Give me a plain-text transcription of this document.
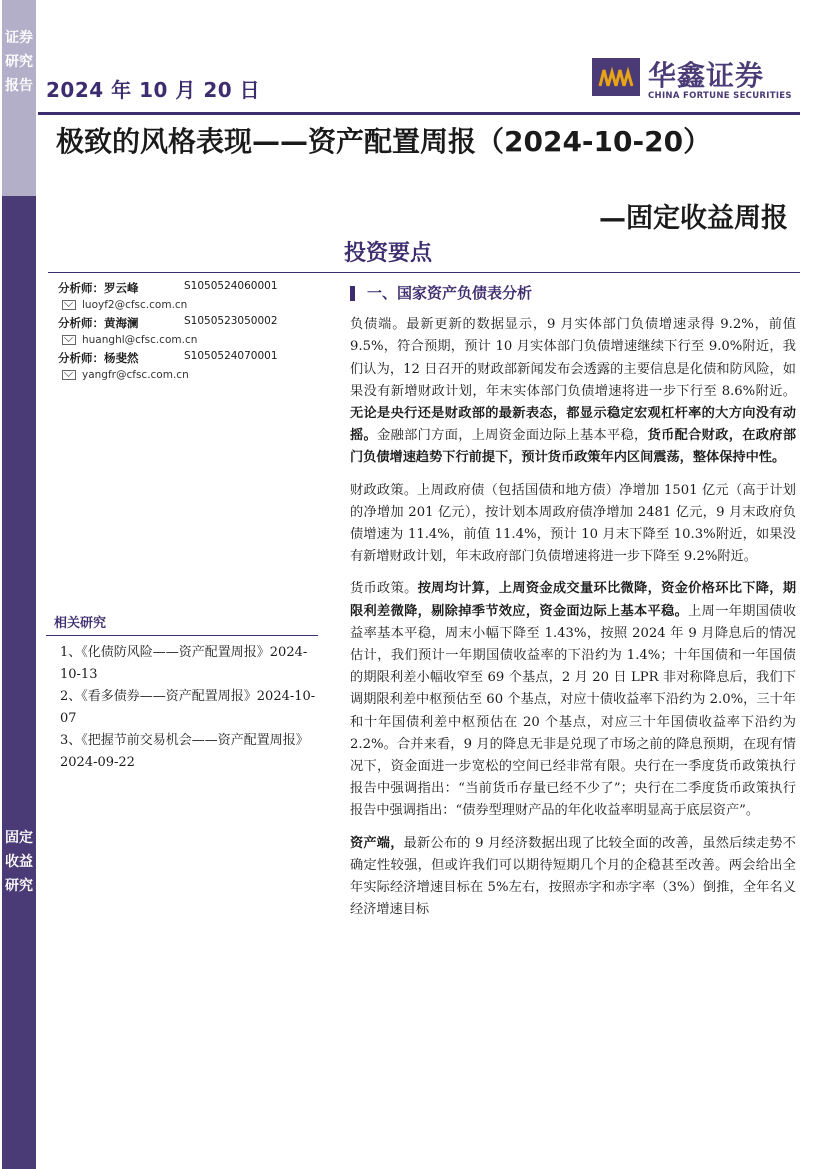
证券研究报告
固定收益研究
2024 年 10 月 20 日	华鑫证券
CHINA FORTUNE SECURITIES
极致的风格表现——资产配置周报（2024-10-20）
—固定收益周报
投资要点
分析师：罗云峰	S1050524060001
luoyf2@cfsc.com.cn
分析师：黄海澜	S1050523050002
huanghl@cfsc.com.cn
分析师：杨斐然	S1050524070001
yangfr@cfsc.com.cn
相关研究
1、《化债防风险——资产配置周报》2024-10-13
2、《看多债券——资产配置周报》2024-10-07
3、《把握节前交易机会——资产配置周报》2024-09-22
一、国家资产负债表分析

负债端。最新更新的数据显示，9 月实体部门负债增速录得 9.2%，前值 9.5%，符合预期，预计 10 月实体部门负债增速继续下行至 9.0%附近，我们认为，12 日召开的财政部新闻发布会透露的主要信息是化债和防风险，如果没有新增财政计划，年末实体部门负债增速将进一步下行至 8.6%附近。无论是央行还是财政部的最新表态，都显示稳定宏观杠杆率的大方向没有动摇。金融部门方面，上周资金面边际上基本平稳，货币配合财政，在政府部门负债增速趋势下行前提下，预计货币政策年内区间震荡，整体保持中性。

财政政策。上周政府债（包括国债和地方债）净增加 1501 亿元（高于计划的净增加 201 亿元），按计划本周政府债净增加 2481 亿元，9 月末政府负债增速为 11.4%，前值 11.4%，预计 10 月末下降至 10.3%附近，如果没有新增财政计划，年末政府部门负债增速将进一步下降至 9.2%附近。

货币政策。按周均计算，上周资金成交量环比微降，资金价格环比下降，期限利差微降，剔除掉季节效应，资金面边际上基本平稳。上周一年期国债收益率基本平稳，周末小幅下降至 1.43%，按照 2024 年 9 月降息后的情况估计，我们预计一年期国债收益率的下沿约为 1.4%；十年国债和一年国债的期限利差小幅收窄至 69 个基点，2 月 20 日 LPR 非对称降息后，我们下调期限利差中枢预估至 60 个基点，对应十债收益率下沿约为 2.0%，三十年和十年国债利差中枢预估在 20 个基点，对应三十年国债收益率下沿约为 2.2%。合并来看，9 月的降息无非是兑现了市场之前的降息预期，在现有情况下，资金面进一步宽松的空间已经非常有限。央行在一季度货币政策执行报告中强调指出：“当前货币存量已经不少了”；央行在二季度货币政策执行报告中强调指出：“债券型理财产品的年化收益率明显高于底层资产”。

资产端，最新公布的 9 月经济数据出现了比较全面的改善，虽然后续走势不确定性较强，但或许我们可以期待短期几个月的企稳甚至改善。两会给出全年实际经济增速目标在 5%左右，按照赤字和赤字率（3%）倒推，全年名义经济增速目标
